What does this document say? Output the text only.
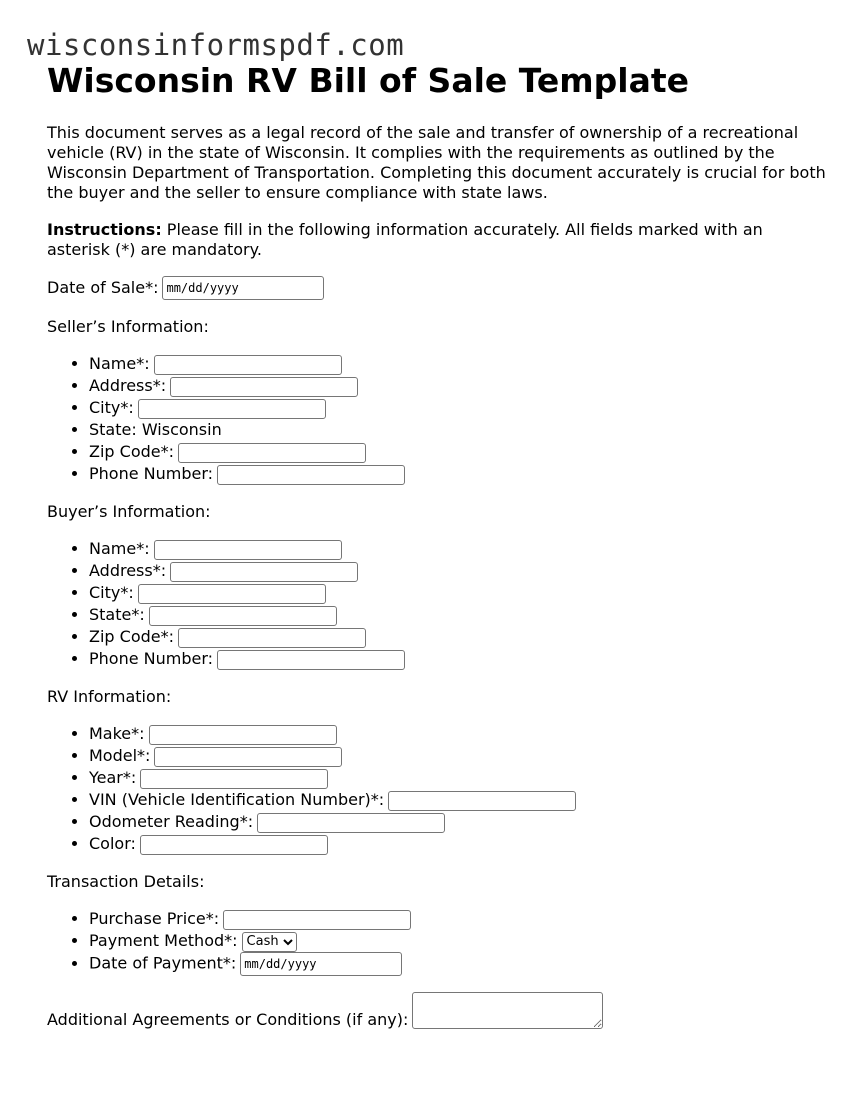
wisconsinformspdf.com
Wisconsin RV Bill of Sale Template

This document serves as a legal record of the sale and transfer of ownership of a recreational vehicle (RV) in the state of Wisconsin. It complies with the requirements as outlined by the Wisconsin Department of Transportation. Completing this document accurately is crucial for both the buyer and the seller to ensure compliance with state laws.

Instructions: Please fill in the following information accurately. All fields marked with an asterisk (*) are mandatory.

Date of Sale*:
mm/dd/yyyy
Seller’s Information:
• Name*:
• Address*:
• City*:
• State: Wisconsin
• Zip Code*:
• Phone Number:
Buyer’s Information:
• Name*:
• Address*:
• City*:
• State*:
• Zip Code*:
• Phone Number:
RV Information:
• Make*:
• Model*:
• Year*:
• VIN (Vehicle Identification Number)*:
• Odometer Reading*:
• Color:
Transaction Details:
• Purchase Price*:
• Payment Method*:
Cash
• Date of Payment*:mm/dd/yyyy
Additional Agreements or Conditions (if any):
